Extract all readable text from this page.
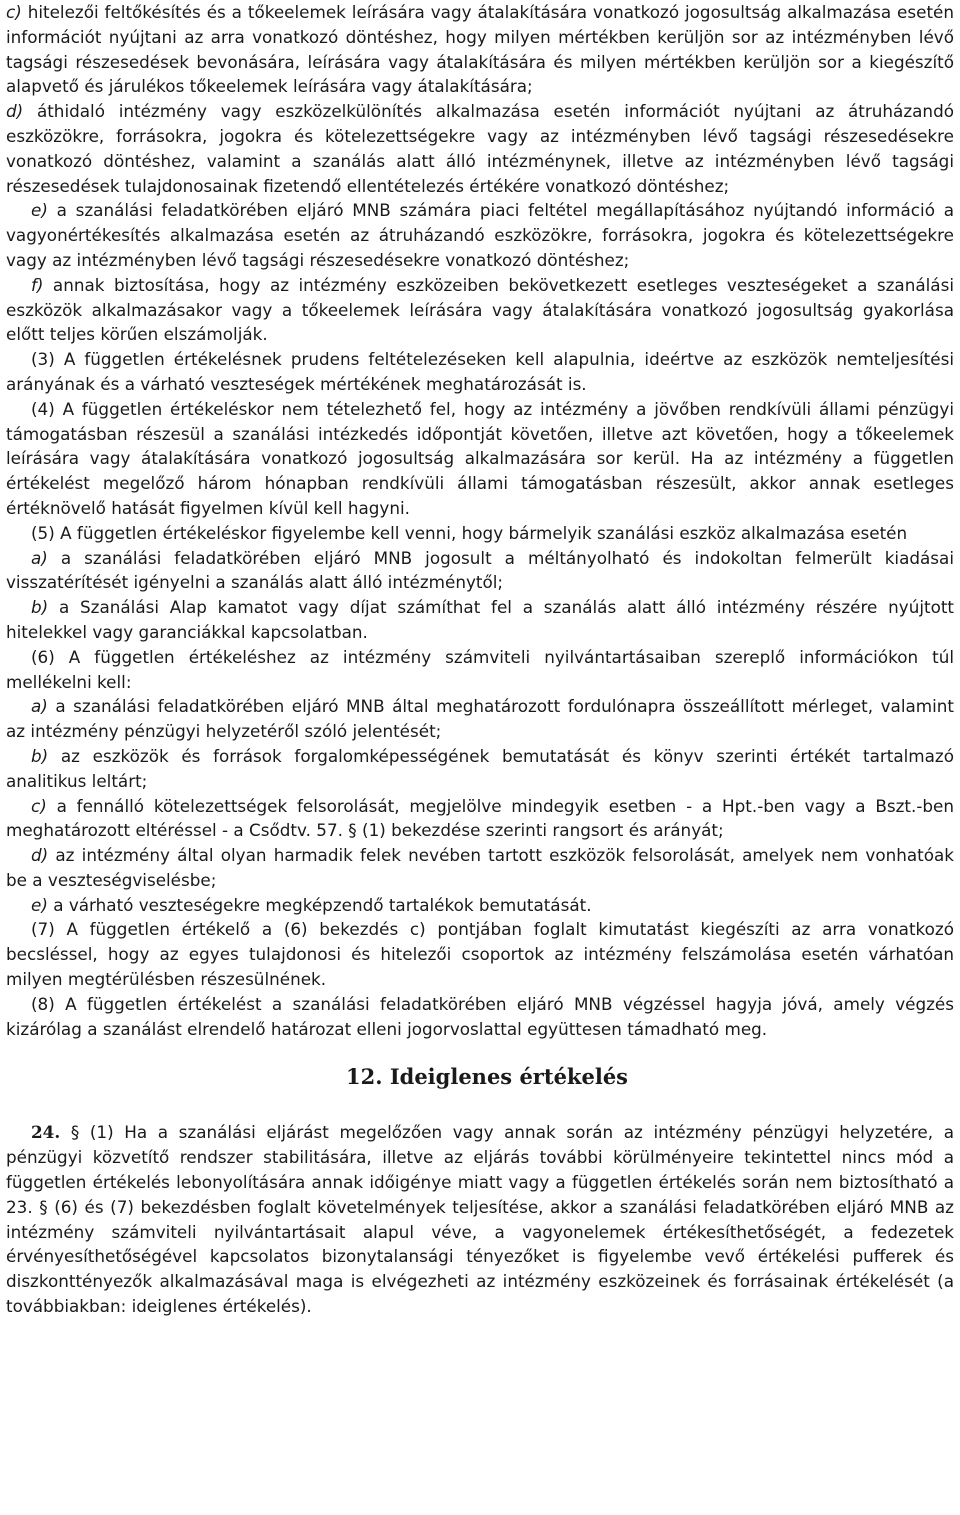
c) hitelezői feltőkésítés és a tőkeelemek leírására vagy átalakítására vonatkozó jogosultság alkalmazása esetén információt nyújtani az arra vonatkozó döntéshez, hogy milyen mértékben kerüljön sor az intézményben lévő tagsági részesedések bevonására, leírására vagy átalakítására és milyen mértékben kerüljön sor a kiegészítő alapvető és járulékos tőkeelemek leírására vagy átalakítására;

d) áthidaló intézmény vagy eszközelkülönítés alkalmazása esetén információt nyújtani az átruházandó eszközökre, forrásokra, jogokra és kötelezettségekre vagy az intézményben lévő tagsági részesedésekre vonatkozó döntéshez, valamint a szanálás alatt álló intézménynek, illetve az intézményben lévő tagsági részesedések tulajdonosainak fizetendő ellentételezés értékére vonatkozó döntéshez;

e) a szanálási feladatkörében eljáró MNB számára piaci feltétel megállapításához nyújtandó információ a vagyonértékesítés alkalmazása esetén az átruházandó eszközökre, forrásokra, jogokra és kötelezettségekre vagy az intézményben lévő tagsági részesedésekre vonatkozó döntéshez;

f) annak biztosítása, hogy az intézmény eszközeiben bekövetkezett esetleges veszteségeket a szanálási eszközök alkalmazásakor vagy a tőkeelemek leírására vagy átalakítására vonatkozó jogosultság gyakorlása előtt teljes körűen elszámolják.

(3) A független értékelésnek prudens feltételezéseken kell alapulnia, ideértve az eszközök nemteljesítési arányának és a várható veszteségek mértékének meghatározását is.

(4) A független értékeléskor nem tételezhető fel, hogy az intézmény a jövőben rendkívüli állami pénzügyi támogatásban részesül a szanálási intézkedés időpontját követően, illetve azt követően, hogy a tőkeelemek leírására vagy átalakítására vonatkozó jogosultság alkalmazására sor kerül. Ha az intézmény a független értékelést megelőző három hónapban rendkívüli állami támogatásban részesült, akkor annak esetleges értéknövelő hatását figyelmen kívül kell hagyni.

(5) A független értékeléskor figyelembe kell venni, hogy bármelyik szanálási eszköz alkalmazása esetén

a) a szanálási feladatkörében eljáró MNB jogosult a méltányolható és indokoltan felmerült kiadásai visszatérítését igényelni a szanálás alatt álló intézménytől;

b) a Szanálási Alap kamatot vagy díjat számíthat fel a szanálás alatt álló intézmény részére nyújtott hitelekkel vagy garanciákkal kapcsolatban.

(6) A független értékeléshez az intézmény számviteli nyilvántartásaiban szereplő információkon túl mellékelni kell:

a) a szanálási feladatkörében eljáró MNB által meghatározott fordulónapra összeállított mérleget, valamint az intézmény pénzügyi helyzetéről szóló jelentését;

b) az eszközök és források forgalomképességének bemutatását és könyv szerinti értékét tartalmazó analitikus leltárt;

c) a fennálló kötelezettségek felsorolását, megjelölve mindegyik esetben - a Hpt.-ben vagy a Bszt.-ben meghatározott eltéréssel - a Csődtv. 57. § (1) bekezdése szerinti rangsort és arányát;

d) az intézmény által olyan harmadik felek nevében tartott eszközök felsorolását, amelyek nem vonhatóak be a veszteségviselésbe;

e) a várható veszteségekre megképzendő tartalékok bemutatását.

(7) A független értékelő a (6) bekezdés c) pontjában foglalt kimutatást kiegészíti az arra vonatkozó becsléssel, hogy az egyes tulajdonosi és hitelezői csoportok az intézmény felszámolása esetén várhatóan milyen megtérülésben részesülnének.

(8) A független értékelést a szanálási feladatkörében eljáró MNB végzéssel hagyja jóvá, amely végzés kizárólag a szanálást elrendelő határozat elleni jogorvoslattal együttesen támadható meg.

12. Ideiglenes értékelés

24. § (1) Ha a szanálási eljárást megelőzően vagy annak során az intézmény pénzügyi helyzetére, a pénzügyi közvetítő rendszer stabilitására, illetve az eljárás további körülményeire tekintettel nincs mód a független értékelés lebonyolítására annak időigénye miatt vagy a független értékelés során nem biztosítható a 23. § (6) és (7) bekezdésben foglalt követelmények teljesítése, akkor a szanálási feladatkörében eljáró MNB az intézmény számviteli nyilvántartásait alapul véve, a vagyonelemek értékesíthetőségét, a fedezetek érvényesíthetőségével kapcsolatos bizonytalansági tényezőket is figyelembe vevő értékelési pufferek és diszkonttényezők alkalmazásával maga is elvégezheti az intézmény eszközeinek és forrásainak értékelését (a továbbiakban: ideiglenes értékelés).
